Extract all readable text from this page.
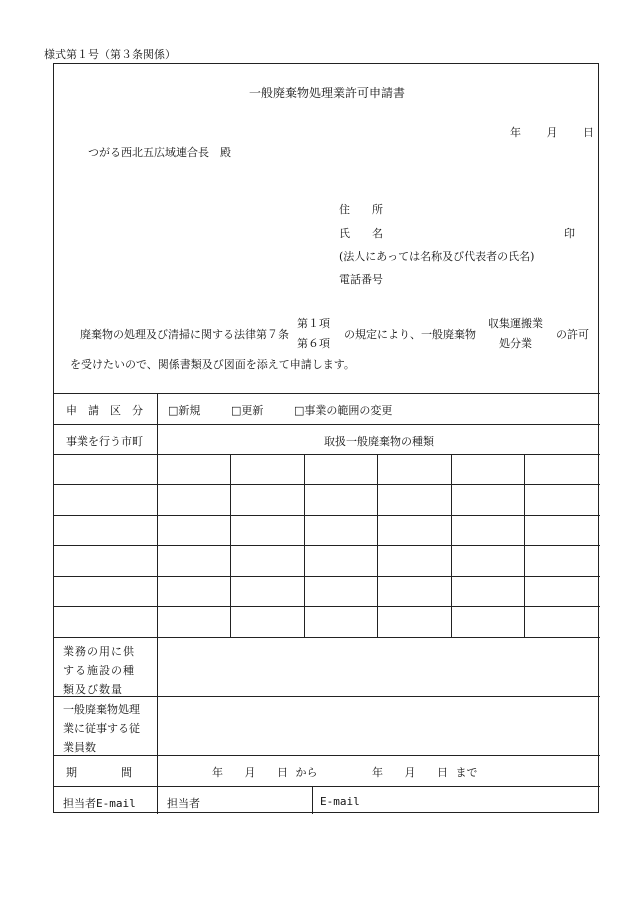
様式第１号（第３条関係）
一般廃棄物処理業許可申請書
年 月 日
つがる西北五広域連合長　殿
住　　所
氏　　名	印
(法人にあっては名称及び代表者の氏名)
電話番号
廃棄物の処理及び清掃に関する法律第７条
第１項
第６項
の規定により、一般廃棄物
収集運搬業
処分業
の許可
を受けたいので、関係書類及び図面を添えて申請します。
申　請　区　分 □新規	□更新	□事業の範囲の変更
事業を行う市町	取扱一般廃棄物の種類
業務の用に供
する施設の種
類及び数量
一般廃棄物処理
業に従事する従
業員数
期　　　　間	年 月 日 から	年 月 日 まで
担当者E-mail	担当者	E-mail
